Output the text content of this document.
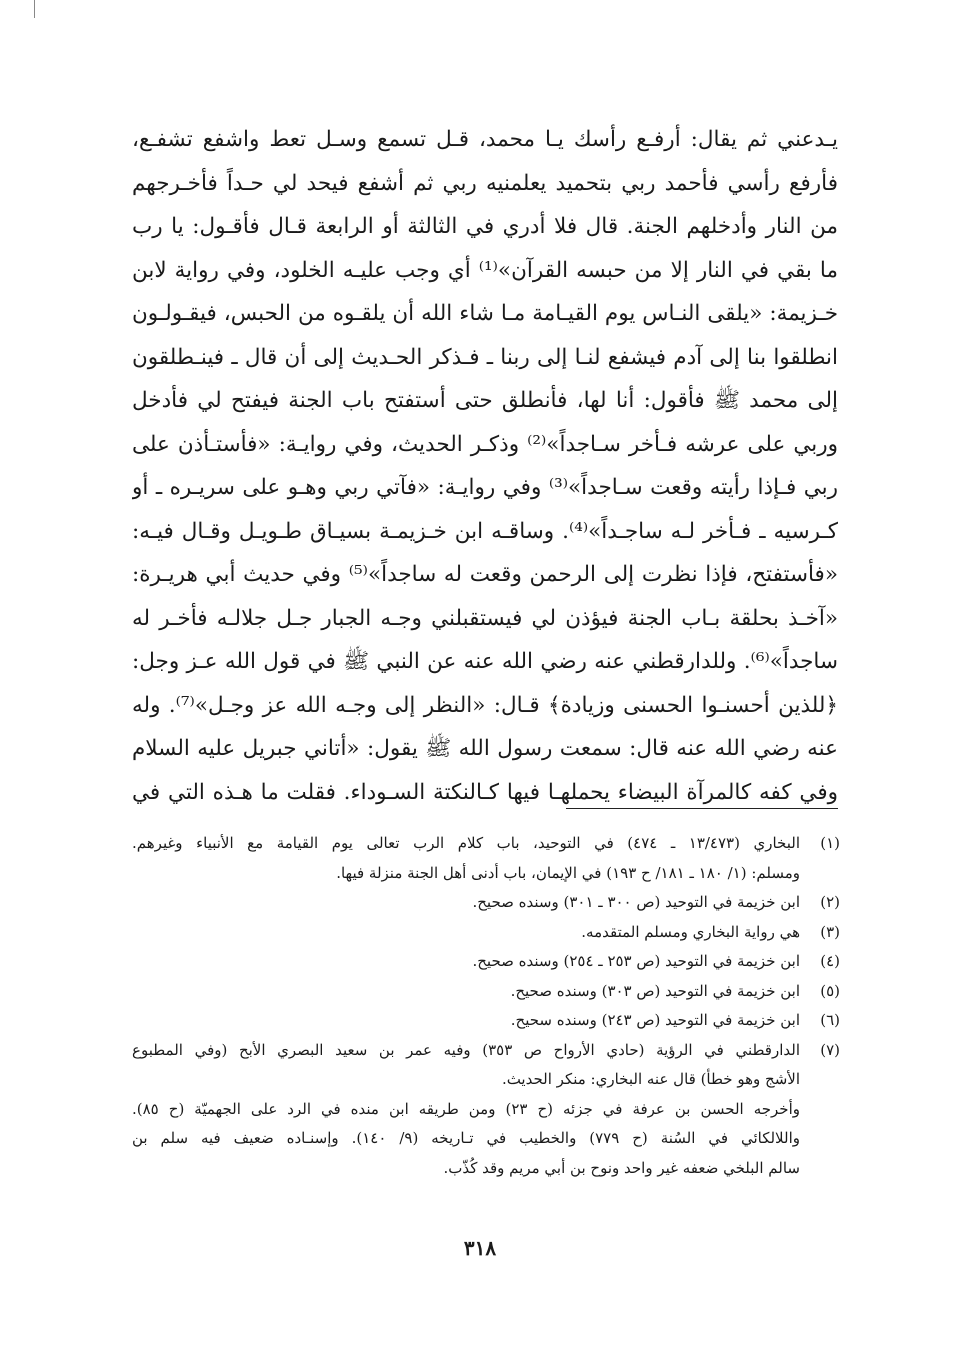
يـدعني ثم يقال: أرفـع رأسك يـا محمد، قـل تسمع وسـل تعط واشفع تشفـع،
فأرفع رأسي فأحمد ربي بتحميد يعلمنيه ربي ثم أشفع فيحد لي حـداً فأخـرجهم
من النار وأدخلهم الجنة. قال فلا أدري في الثالثة أو الرابعة قـال فأقـول: يا رب
ما بقي في النار إلا من حبسه القرآن»⁽¹⁾ أي وجب عليـه الخلود، وفي رواية لابن
خـزيمة: «يلقى النـاس يوم القيـامة مـا شاء الله أن يلقـوه من الحبس، فيقـولـون
انطلقوا بنا إلى آدم فيشفع لنـا إلى ربنا ـ فـذكر الحـديث إلى أن قال ـ فينـطلقون
إلى محمد ﷺ فأقول: أنا لها، فأنطلق حتى أستفتح باب الجنة فيفتح لي فأدخل
وربي على عرشه فـأخر سـاجداً»⁽²⁾ وذكـر الحديث، وفي روايـة: «فأستـأذن على
ربي فـإذا رأيته وقعت سـاجداً»⁽³⁾ وفي روايـة: «فآتي ربي وهـو على سريـره ـ أو
كـرسيه ـ فـأخر لـه ساجـداً»⁽⁴⁾. وساقـه ابن خـزيمـة بسيـاق طـويـل وقـال فيـه:
«فأستفتح، فإذا نظرت إلى الرحمن وقعت له ساجداً»⁽⁵⁾ وفي حديث أبي هريـرة:
«آخـذ بحلقة بـاب الجنة فيؤذن لي فيستقبلني وجـه الجبار جـل جلالـه فأخـر له
ساجداً»⁽⁶⁾. وللدارقطني عنه رضي الله عنه عن النبي ﷺ في قول الله عـز وجل:
﴿للذين أحسنـوا الحسنى وزيادة﴾ قـال: «النظر إلى وجـه الله عز وجـل»⁽⁷⁾. وله
عنه رضي الله عنه قال: سمعت رسول الله ﷺ يقول: «أتاني جبريل عليه السلام
وفي كفه كالمرآة البيضاء يحملهـا فيها كـالنكتة السـوداء. فقلت ما هـذه التي في
(١)
البخاري (١٣/٤٧٣ ـ ٤٧٤) في التوحيد، باب كلام الرب تعالى يوم القيامة مع الأنبياء وغيرهم.
ومسلم: (١/ ١٨٠ ـ ١٨١/ ح ١٩٣) في الإيمان، باب أدنى أهل الجنة منزلة فيها.
(٢)
ابن خزيمة في التوحيد (ص ٣٠٠ ـ ٣٠١) وسنده صحيح.
(٣)
هي رواية البخاري ومسلم المتقدمه.
(٤)
ابن خزيمة في التوحيد (ص ٢٥٣ ـ ٢٥٤) وسنده صحيح.
(٥)
ابن خزيمة في التوحيد (ص ٣٠٣) وسنده صحيح.
(٦)
ابن خزيمة في التوحيد (ص ٢٤٣) وسنده سحيح.
(٧)
الدارقطني في الرؤية (حادي الأرواح ص ٣٥٣) وفيه عمر بن سعيد البصري الأبح (وفي المطبوع
الأشج وهو خطأ) قال عنه البخاري: منكر الحديث.
وأخرجه الحسن بن عرفة في جزئه (ح ٢٣) ومن طريقه ابن منده في الرد على الجهميّة (ح ٨٥).
واللالكائي في السُنة (ح ٧٧٩) والخطيب في تـاريخه (٩/ ١٤٠). وإسنـاده ضعيف فيه سلم بن
سالم البلخي ضعفه غير واحد ونوح بن أبي مريم وقد كُذّب.
٣١٨
